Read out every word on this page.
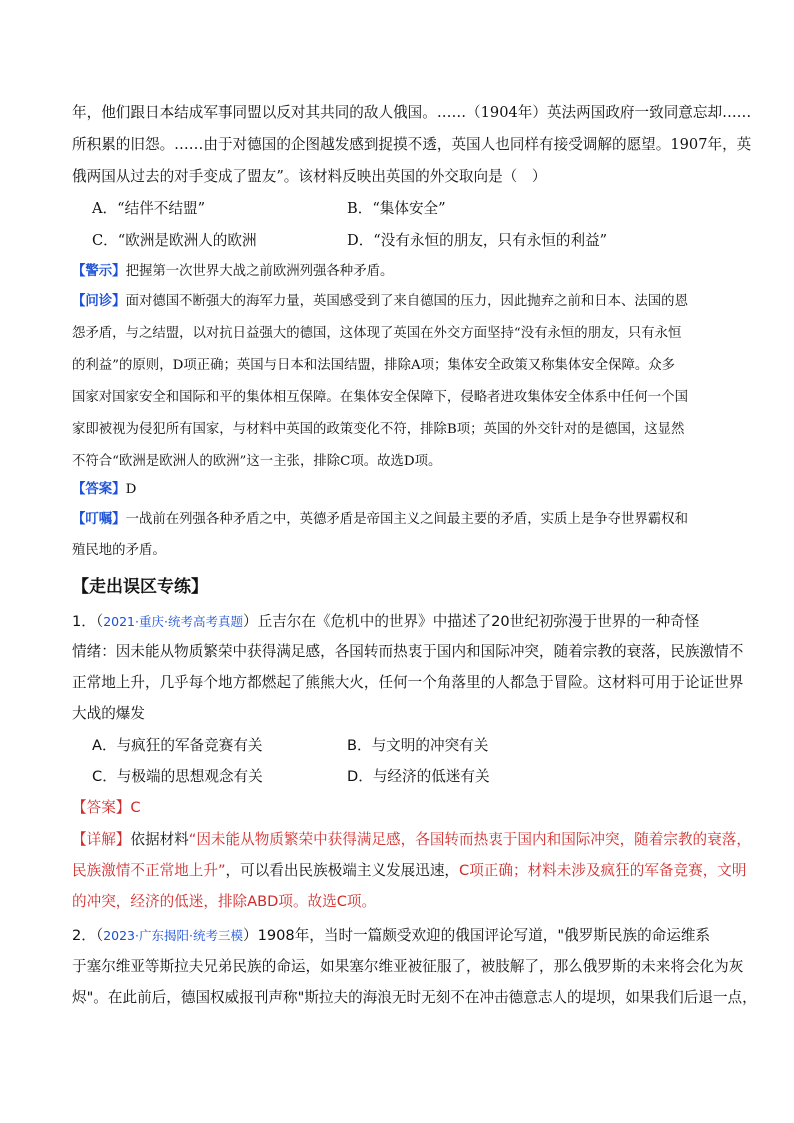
年，他们跟日本结成军事同盟以反对其共同的敌人俄国。……（1904年）英法两国政府一致同意忘却……
所积累的旧怨。……由于对德国的企图越发感到捉摸不透，英国人也同样有接受调解的愿望。1907年，英
俄两国从过去的对手变成了盟友”。该材料反映出英国的外交取向是（　）
A．“结伴不结盟”	B．“集体安全”
C．“欧洲是欧洲人的欧洲	D．“没有永恒的朋友，只有永恒的利益”
【警示】把握第一次世界大战之前欧洲列强各种矛盾。
【问诊】面对德国不断强大的海军力量，英国感受到了来自德国的压力，因此抛弃之前和日本、法国的恩
怨矛盾，与之结盟，以对抗日益强大的德国，这体现了英国在外交方面坚持“没有永恒的朋友，只有永恒
的利益”的原则，D项正确；英国与日本和法国结盟，排除A项；集体安全政策又称集体安全保障。众多
国家对国家安全和国际和平的集体相互保障。在集体安全保障下，侵略者进攻集体安全体系中任何一个国
家即被视为侵犯所有国家，与材料中英国的政策变化不符，排除B项；英国的外交针对的是德国，这显然
不符合“欧洲是欧洲人的欧洲”这一主张，排除C项。故选D项。
【答案】D
【叮嘱】一战前在列强各种矛盾之中，英德矛盾是帝国主义之间最主要的矛盾，实质上是争夺世界霸权和
殖民地的矛盾。
【走出误区专练】
1．（2021·重庆·统考高考真题）丘吉尔在《危机中的世界》中描述了20世纪初弥漫于世界的一种奇怪
情绪：因未能从物质繁荣中获得满足感，各国转而热衷于国内和国际冲突，随着宗教的衰落，民族激情不
正常地上升，几乎每个地方都燃起了熊熊大火，任何一个角落里的人都急于冒险。这材料可用于论证世界
大战的爆发
A．与疯狂的军备竞赛有关	B．与文明的冲突有关
C．与极端的思想观念有关	D．与经济的低迷有关
【答案】C
【详解】依据材料“因未能从物质繁荣中获得满足感，各国转而热衷于国内和国际冲突，随着宗教的衰落，
民族激情不正常地上升”，可以看出民族极端主义发展迅速，C项正确；材料未涉及疯狂的军备竞赛，文明
的冲突，经济的低迷，排除ABD项。故选C项。
2．（2023·广东揭阳·统考三模）1908年，当时一篇颇受欢迎的俄国评论写道，"俄罗斯民族的命运维系
于塞尔维亚等斯拉夫兄弟民族的命运，如果塞尔维亚被征服了，被肢解了，那么俄罗斯的未来将会化为灰
烬"。在此前后，德国权威报刊声称"斯拉夫的海浪无时无刻不在冲击德意志人的堤坝，如果我们后退一点，
